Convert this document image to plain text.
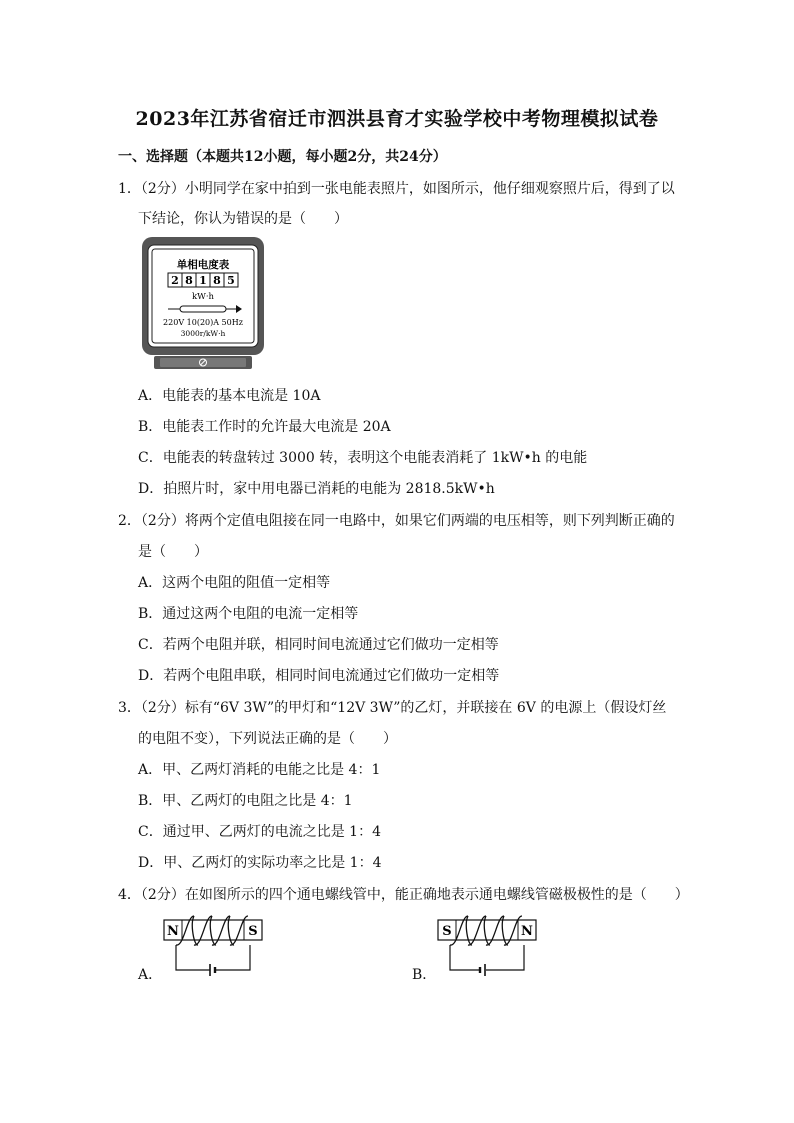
2023年江苏省宿迁市泗洪县育才实验学校中考物理模拟试卷
一、选择题（本题共12小题，每小题2分，共24分）
1．（2分）小明同学在家中拍到一张电能表照片，如图所示，他仔细观察照片后，得到了以
下结论，你认为错误的是（　　）
单相电度表
2 8 1 8 5
kW·h
220V 10(20)A 50Hz
3000r/kW·h
A．电能表的基本电流是 10A
B．电能表工作时的允许最大电流是 20A
C．电能表的转盘转过 3000 转，表明这个电能表消耗了 1kW•h 的电能
D．拍照片时，家中用电器已消耗的电能为 2818.5kW•h
2．（2分）将两个定值电阻接在同一电路中，如果它们两端的电压相等，则下列判断正确的
是（　　）
A．这两个电阻的阻值一定相等
B．通过这两个电阻的电流一定相等
C．若两个电阻并联，相同时间电流通过它们做功一定相等
D．若两个电阻串联，相同时间电流通过它们做功一定相等
3．（2分）标有“6V 3W”的甲灯和“12V 3W”的乙灯，并联接在 6V 的电源上（假设灯丝
的电阻不变），下列说法正确的是（　　）
A．甲、乙两灯消耗的电能之比是 4：1
B．甲、乙两灯的电阻之比是 4：1
C．通过甲、乙两灯的电流之比是 1：4
D．甲、乙两灯的实际功率之比是 1：4
4．（2分）在如图所示的四个通电螺线管中，能正确地表示通电螺线管磁极极性的是（　　）
A．
N	S
B．
S	N
